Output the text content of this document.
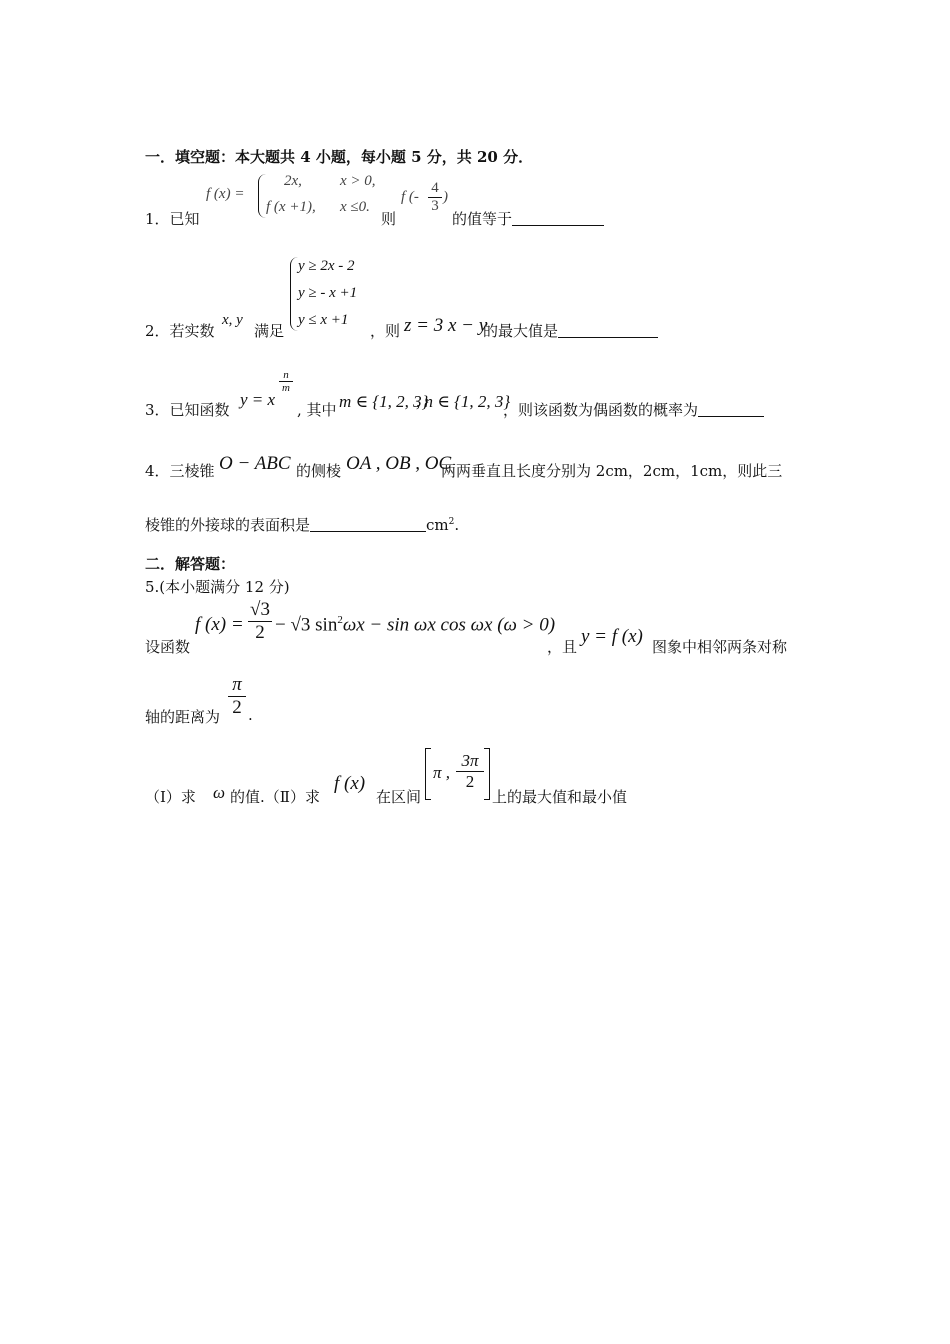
一．填空题：本大题共 4 小题，每小题 5 分，共 20 分．
1．已知
f (x) =
2x,	x > 0,
f (x +1), x ≤0.
则
f (- $\frac{4}{3}$ )
的值等于
2．若实数
x, y
满足
y ≥ 2x - 2
y ≥ - x +1
y ≤ x +1
，则 z = 3 x − y
的最大值是
3．已知函数
y = x
$\frac{n}{m}$
, 其中 m ∈ {1, 2, 3}
, n ∈ {1, 2, 3}
，则该函数为偶函数的概率为
4．三棱锥 O − ABC 的侧棱 OA , OB , OC
两两垂直且长度分别为 2cm，2cm，1cm，则此三
棱锥的外接球的表面积是	$cm^2$.
二．解答题：
5.(本小题满分 12 分)
设函数
f $(x) = \frac{√3}{2} - √3$ $\sin^2\omega x - \sin \omega x$ cos ωx (ω > 0)
，且 y = f (x) 图象中相邻两条对称
轴的距离为 $\frac{\pi}{2}$ .
（Ⅰ）求 ω 的值.（Ⅱ）求
f (x)
在区间
π , $\frac{3\pi}{2}$
上的最大值和最小值
